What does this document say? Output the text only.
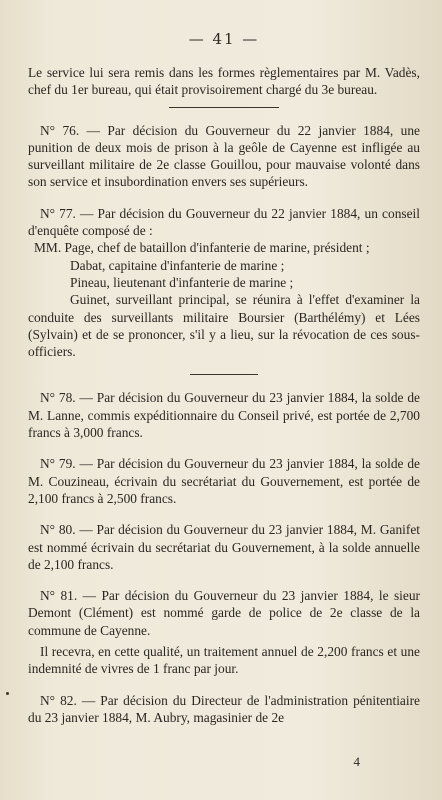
— 41 —

Le service lui sera remis dans les formes règlementaires par M. Vadès, chef du 1er bureau, qui était provisoirement chargé du 3e bureau.

N° 76. — Par décision du Gouverneur du 22 janvier 1884, une punition de deux mois de prison à la geôle de Cayenne est infligée au surveillant militaire de 2e classe Gouillou, pour mauvaise volonté dans son service et insubordination envers ses supérieurs.

N° 77. — Par décision du Gouverneur du 22 janvier 1884, un conseil d'enquête composé de :

MM. Page, chef de bataillon d'infanterie de marine, président ;

Dabat, capitaine d'infanterie de marine ;

Pineau, lieutenant d'infanterie de marine ;

Guinet, surveillant principal, se réunira à l'effet d'examiner la conduite des surveillants militaire Boursier (Barthélémy) et Lées (Sylvain) et de se prononcer, s'il y a lieu, sur la révocation de ces sous-officiers.

N° 78. — Par décision du Gouverneur du 23 janvier 1884, la solde de M. Lanne, commis expéditionnaire du Conseil privé, est portée de 2,700 francs à 3,000 francs.

N° 79. — Par décision du Gouverneur du 23 janvier 1884, la solde de M. Couzineau, écrivain du secrétariat du Gouvernement, est portée de 2,100 francs à 2,500 francs.

N° 80. — Par décision du Gouverneur du 23 janvier 1884, M. Ganifet est nommé écrivain du secrétariat du Gouvernement, à la solde annuelle de 2,100 francs.

N° 81. — Par décision du Gouverneur du 23 janvier 1884, le sieur Demont (Clément) est nommé garde de police de 2e classe de la commune de Cayenne.

Il recevra, en cette qualité, un traitement annuel de 2,200 francs et une indemnité de vivres de 1 franc par jour.

N° 82. — Par décision du Directeur de l'administration pénitentiaire du 23 janvier 1884, M. Aubry, magasinier de 2e

4
